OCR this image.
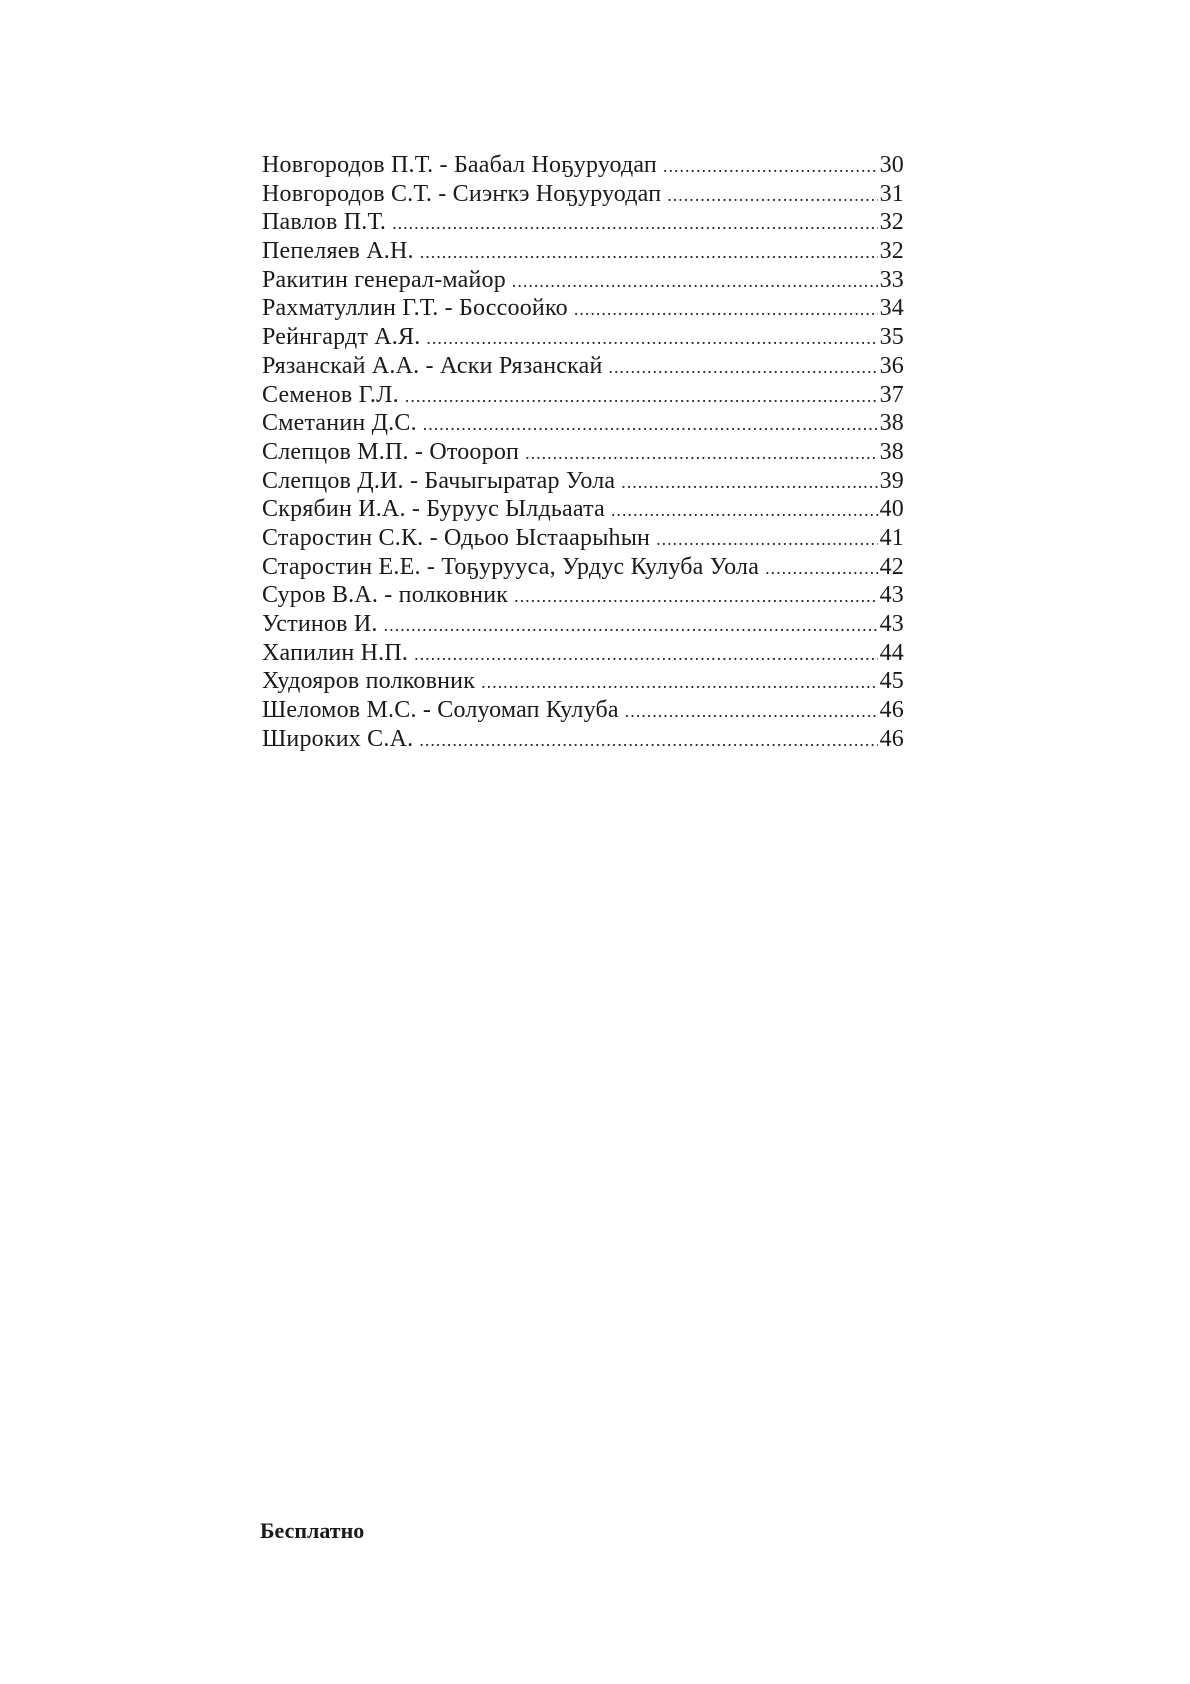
Новгородов П.Т. - Баабал Ноҕуруодап .....	30
Новгородов С.Т. - Сиэҥкэ Ноҕуруодап .....	31
Павлов П.Т. .....	32
Пепеляев А.Н. .....	32
Ракитин генерал-майор .....	33
Рахматуллин Г.Т. - Боссоойко .....	34
Рейнгардт А.Я. .....	35
Рязанскай А.А. - Аски Рязанскай .....	36
Семенов Г.Л. .....	37
Сметанин Д.С. .....	38
Слепцов М.П. - Отоороп .....	38
Слепцов Д.И. - Бачыгыратар Уола .....	39
Скрябин И.А. - Буруус Ылдьаата .....	40
Старостин С.К. - Одьоо Ыстаарыһын .....	41
Старостин Е.Е. - Тоҕурууса, Урдус Кулуба Уола .....	42
Суров В.А. - полковник .....	43
Устинов И. .....	43
Хапилин Н.П. .....	44
Худояров полковник .....	45
Шеломов М.С. - Солуомап Кулуба .....	46
Широких С.А. .....	46
Бесплатно
